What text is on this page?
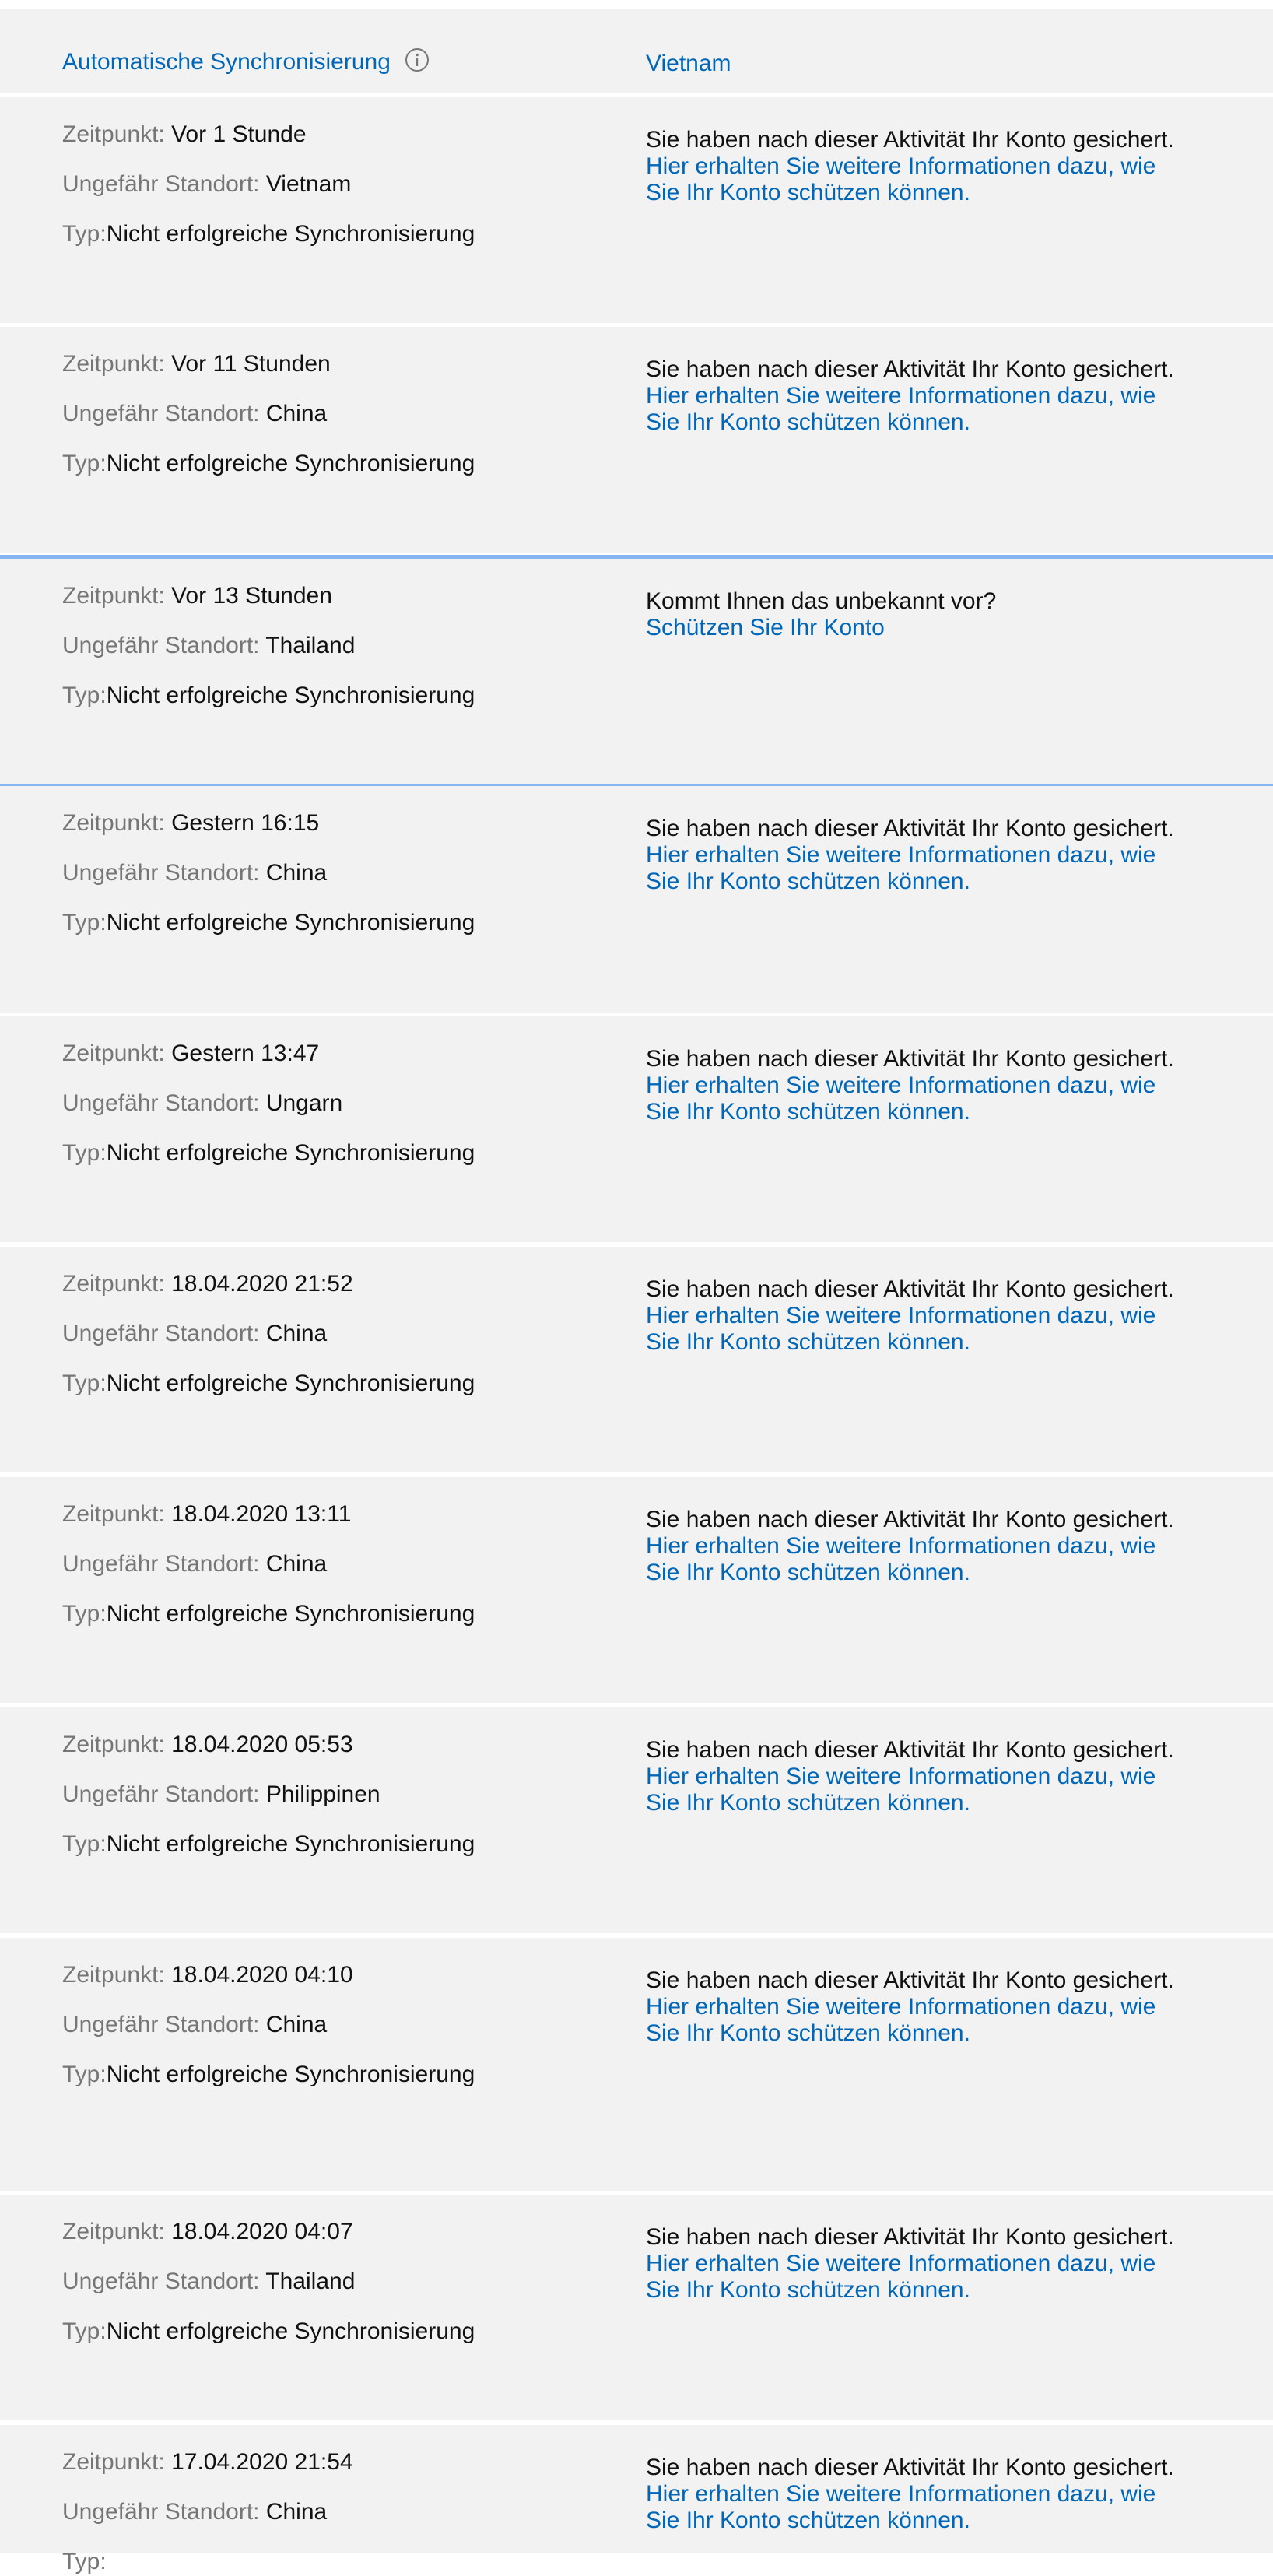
Automatische Synchronisierung	Vietnam
Zeitpunkt: Vor 1 Stunde
Ungefähr Standort: Vietnam
Typ:Nicht erfolgreiche Synchronisierung
Sie haben nach dieser Aktivität Ihr Konto gesichert.
Hier erhalten Sie weitere Informationen dazu, wie Sie Ihr Konto schützen können.
Zeitpunkt: Vor 11 Stunden
Ungefähr Standort: China
Typ:Nicht erfolgreiche Synchronisierung
Sie haben nach dieser Aktivität Ihr Konto gesichert.
Hier erhalten Sie weitere Informationen dazu, wie Sie Ihr Konto schützen können.
Zeitpunkt: Vor 13 Stunden
Ungefähr Standort: Thailand
Typ:Nicht erfolgreiche Synchronisierung
Kommt Ihnen das unbekannt vor?
Schützen Sie Ihr Konto
Zeitpunkt: Gestern 16:15
Ungefähr Standort: China
Typ:Nicht erfolgreiche Synchronisierung
Sie haben nach dieser Aktivität Ihr Konto gesichert.
Hier erhalten Sie weitere Informationen dazu, wie Sie Ihr Konto schützen können.
Zeitpunkt: Gestern 13:47
Ungefähr Standort: Ungarn
Typ:Nicht erfolgreiche Synchronisierung
Sie haben nach dieser Aktivität Ihr Konto gesichert.
Hier erhalten Sie weitere Informationen dazu, wie Sie Ihr Konto schützen können.
Zeitpunkt: 18.04.2020 21:52
Ungefähr Standort: China
Typ:Nicht erfolgreiche Synchronisierung
Sie haben nach dieser Aktivität Ihr Konto gesichert.
Hier erhalten Sie weitere Informationen dazu, wie Sie Ihr Konto schützen können.
Zeitpunkt: 18.04.2020 13:11
Ungefähr Standort: China
Typ:Nicht erfolgreiche Synchronisierung
Sie haben nach dieser Aktivität Ihr Konto gesichert.
Hier erhalten Sie weitere Informationen dazu, wie Sie Ihr Konto schützen können.
Zeitpunkt: 18.04.2020 05:53
Ungefähr Standort: Philippinen
Typ:Nicht erfolgreiche Synchronisierung
Sie haben nach dieser Aktivität Ihr Konto gesichert.
Hier erhalten Sie weitere Informationen dazu, wie Sie Ihr Konto schützen können.
Zeitpunkt: 18.04.2020 04:10
Ungefähr Standort: China
Typ:Nicht erfolgreiche Synchronisierung
Sie haben nach dieser Aktivität Ihr Konto gesichert.
Hier erhalten Sie weitere Informationen dazu, wie Sie Ihr Konto schützen können.
Zeitpunkt: 18.04.2020 04:07
Ungefähr Standort: Thailand
Typ:Nicht erfolgreiche Synchronisierung
Sie haben nach dieser Aktivität Ihr Konto gesichert.
Hier erhalten Sie weitere Informationen dazu, wie Sie Ihr Konto schützen können.
Zeitpunkt: 17.04.2020 21:54
Ungefähr Standort: China
Typ:
Sie haben nach dieser Aktivität Ihr Konto gesichert.
Hier erhalten Sie weitere Informationen dazu, wie Sie Ihr Konto schützen können.
